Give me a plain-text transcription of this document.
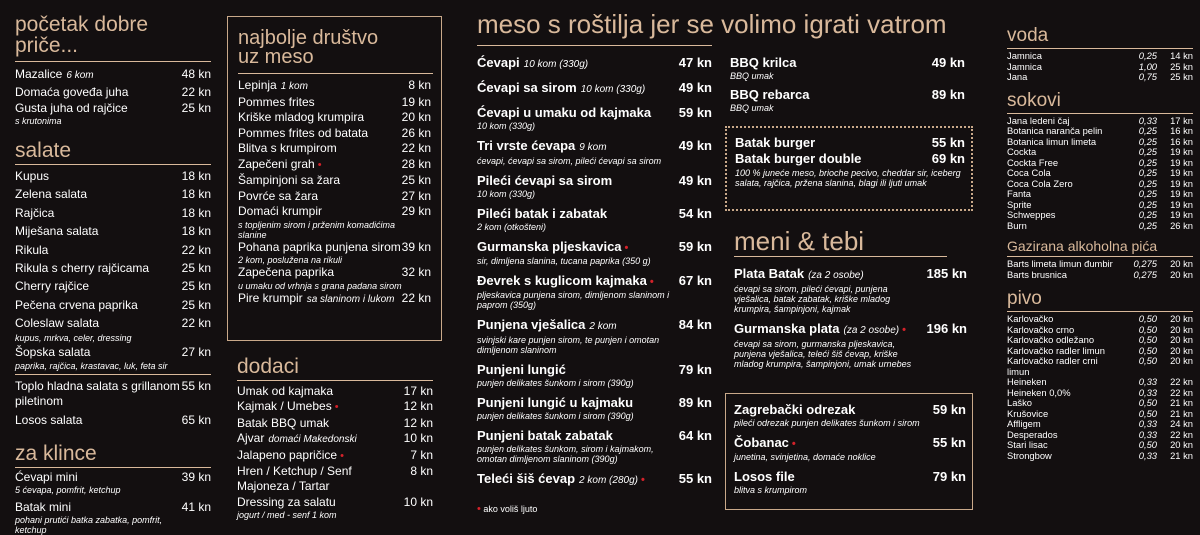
početak dobre priče...
Mazalice 6 kom	48 kn
Domaća goveđa juha	22 kn
Gusta juha od rajčice
s krutonima
25 kn
salate
Kupus	18 kn
Zelena salata	18 kn
Rajčica	18 kn
Miješana salata	18 kn
Rikula	22 kn
Rikula s cherry rajčicama	25 kn
Cherry rajčice	25 kn
Pečena crvena paprika	25 kn
Coleslaw salata
kupus, mrkva, celer, dressing
22 kn
Šopska salata
paprika, rajčica, krastavac, luk, feta sir
27 kn
Toplo hladna salata s grillanom piletinom
55 kn
Losos salata	65 kn
za klince
Ćevapi mini
5 ćevapa, pomfrit, ketchup
39 kn
Batak mini
pohani prutići batka zabatka, pomfrit, ketchup
41 kn
najbolje društvo uz meso
Lepinja 1 kom	8 kn
Pommes frites	19 kn
Kriške mladog krumpira	20 kn
Pommes frites od batata	26 kn
Blitva s krumpirom	22 kn
Zapečeni grah •	28 kn
Šampinjoni sa žara	25 kn
Povrće sa žara	27 kn
Domaći krumpir
s topljenim sirom i prženim komadićima slanine
29 kn
Pohana paprika punjena sirom
2 kom, poslužena na rikuli
39 kn
Zapečena paprika
u umaku od vrhnja s grana padana sirom
32 kn
Pire krumpir sa slaninom i lukom 22 kn
dodaci
Umak od kajmaka	17 kn
Kajmak / Umebes •	12 kn
Batak BBQ umak	12 kn
Ajvar domaći Makedonski	10 kn
Jalapeno papričice •	7 kn
Hren / Ketchup / Senf	8 kn
Majoneza / Tartar
Dressing za salatu
jogurt / med - senf 1 kom
10 kn
meso s roštilja jer se volimo igrati vatrom
Ćevapi 10 kom (330g)	47 kn
Ćevapi sa sirom 10 kom (330g)	49 kn
Ćevapi u umaku od kajmaka
10 kom (330g)
59 kn
Tri vrste ćevapa 9 kom
ćevapi, ćevapi sa sirom, pileći ćevapi sa sirom
49 kn
Pileći ćevapi sa sirom
10 kom (330g)
49 kn
Pileći batak i zabatak
2 kom (otkošteni)
54 kn
Gurmanska pljeskavica •
sir, dimljena slanina, tucana paprika (350 g)
59 kn
Đevrek s kuglicom kajmaka •
pljeskavica punjena sirom, dimljenom slaninom i paprom (350g)
67 kn
Punjena vješalica 2 kom
svinjski kare punjen sirom, te punjen i omotan dimljenom slaninom
84 kn
Punjeni lungić
punjen delikates šunkom i sirom (390g)
79 kn
Punjeni lungić u kajmaku
punjen delikates šunkom i sirom (390g)
89 kn
Punjeni batak zabatak
punjen delikates šunkom, sirom i kajmakom, omotan dimljenom slaninom (390g)
64 kn
Teleći šiš ćevap 2 kom (280g) •	55 kn
• ako voliš ljuto
BBQ krilca
BBQ umak
49 kn
BBQ rebarca
BBQ umak
89 kn
Batak burger	55 kn
Batak burger double	69 kn
100 % juneće meso, brioche pecivo, cheddar sir, iceberg salata, rajčica, pržena slanina, blagi ili ljuti umak
meni & tebi
Plata Batak (za 2 osobe)
ćevapi sa sirom, pileći ćevapi, punjena vješalica, batak zabatak, kriške mladog krumpira, šampinjoni, kajmak
185 kn
Gurmanska plata (za 2 osobe) •
ćevapi sa sirom, gurmanska pljeskavica, punjena vješalica, teleći šiš ćevap, kriške mladog krumpira, šampinjoni, umak urnebes
196 kn
Zagrebački odrezak
pileći odrezak punjen delikates šunkom i sirom
59 kn
Čobanac •
junetina, svinjetina, domaće noklice
55 kn
Losos file
blitva s krumpirom
79 kn
voda
Jamnica	0,25	14 kn
Jamnica	1,00	25 kn
Jana	0,75	25 kn
sokovi
Jana ledeni čaj	0,33	17 kn
Botanica naranča pelin	0,25	16 kn
Botanica limun limeta	0,25	16 kn
Cockta	0,25	19 kn
Cockta Free	0,25	19 kn
Coca Cola	0,25	19 kn
Coca Cola Zero	0,25	19 kn
Fanta	0,25	19 kn
Sprite	0,25	19 kn
Schweppes	0,25	19 kn
Burn	0,25	26 kn
Gazirana alkoholna pića
Barts limeta limun đumbir	0,275	20 kn
Barts brusnica	0,275	20 kn
pivo
Karlovačko	0,50	20 kn
Karlovačko crno	0,50	20 kn
Karlovačko odležano	0,50	20 kn
Karlovačko radler limun	0,50	20 kn
Karlovačko radler crni limun
0,50	20 kn
Heineken	0,33	22 kn
Heineken 0,0%	0,33	22 kn
Laško	0,50	21 kn
Krušovice	0,50	21 kn
Affligem	0,33	24 kn
Desperados	0,33	22 kn
Stari lisac	0,50	20 kn
Strongbow	0,33	21 kn
